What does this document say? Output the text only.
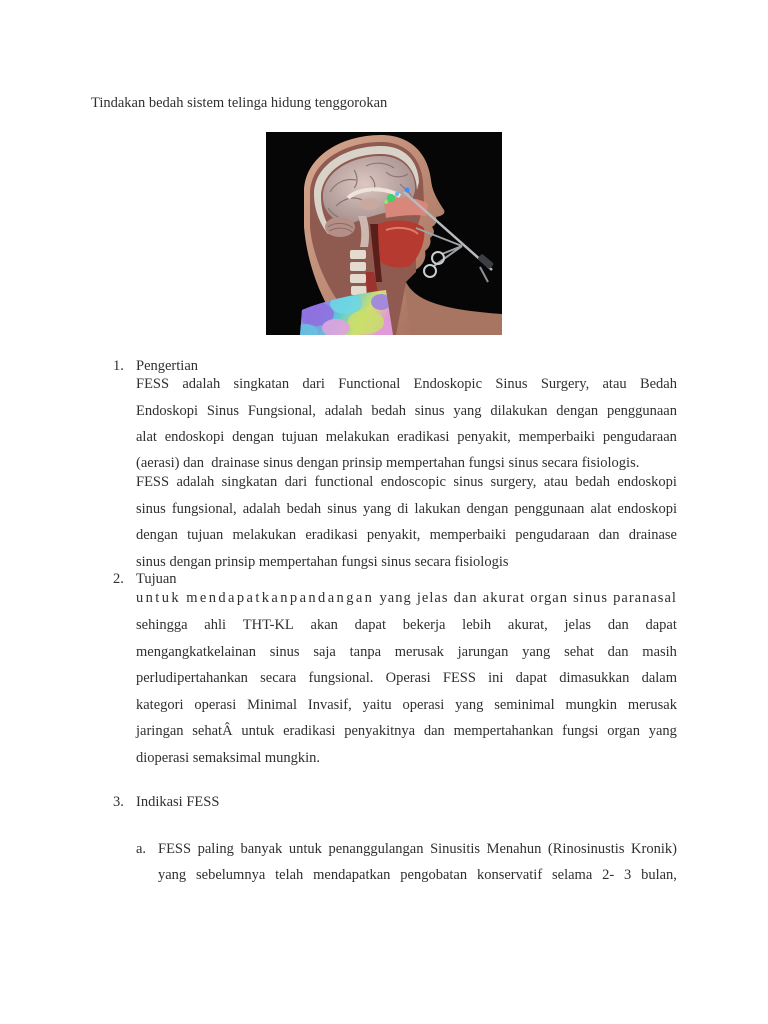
Tindakan bedah sistem telinga hidung tenggorokan
1. Pengertian
FESS adalah singkatan dari Functional Endoskopic Sinus Surgery, atau Bedah
Endoskopi Sinus Fungsional, adalah bedah sinus yang dilakukan dengan penggunaan
alat endoskopi dengan tujuan melakukan eradikasi penyakit, memperbaiki pengudaraan
(aerasi) dan  drainase sinus dengan prinsip mempertahan fungsi sinus secara fisiologis.
FESS adalah singkatan dari functional endoscopic sinus surgery, atau bedah endoskopi
sinus fungsional, adalah bedah sinus yang di lakukan dengan penggunaan alat endoskopi
dengan tujuan melakukan eradikasi penyakit, memperbaiki pengudaraan dan drainase
sinus dengan prinsip mempertahan fungsi sinus secara fisiologis
2. Tujuan
untuk mendapatkanpandangan yang jelas dan akurat organ sinus paranasal
sehingga ahli THT-KL akan dapat bekerja lebih akurat, jelas dan dapat
mengangkatkelainan sinus saja tanpa merusak jarungan yang sehat dan masih
perludipertahankan secara fungsional. Operasi FESS ini dapat dimasukkan dalam
kategori operasi Minimal Invasif, yaitu operasi yang seminimal mungkin merusak
jaringan sehatÂ untuk eradikasi penyakitnya dan mempertahankan fungsi organ yang
dioperasi semaksimal mungkin.
3. Indikasi FESS
a. FESS paling banyak untuk penanggulangan Sinusitis Menahun (Rinosinustis Kronik)
yang sebelumnya telah mendapatkan pengobatan konservatif selama 2- 3 bulan,
